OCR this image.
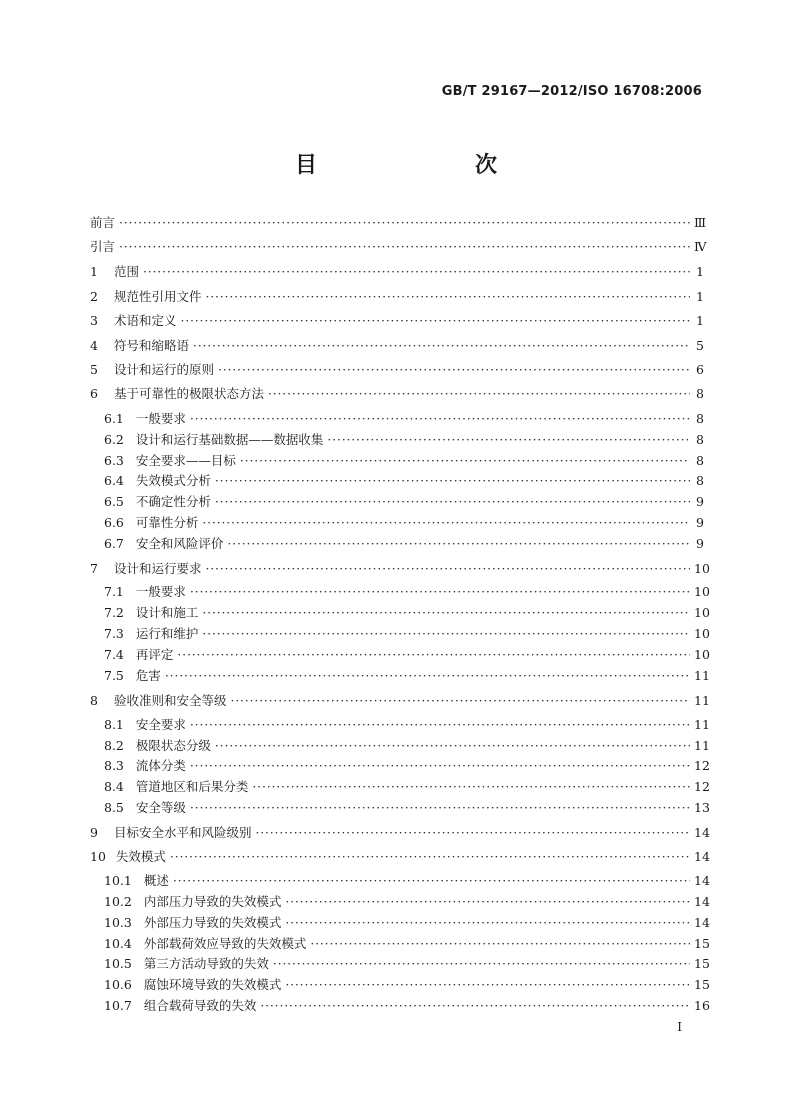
GB/T 29167—2012/ISO 16708:2006
目　　次
前言 ·····	Ⅲ
引言 ·····	Ⅳ
1 范围 ·····	1
2 规范性引用文件 ·····	1
3 术语和定义 ·····	1
4 符号和缩略语 ·····	5
5 设计和运行的原则 ·····	6
6 基于可靠性的极限状态方法 ·····	8
6.1 一般要求 ·····	8
6.2 设计和运行基础数据——数据收集 ·····	8
6.3 安全要求——目标 ·····	8
6.4 失效模式分析 ·····	8
6.5 不确定性分析 ·····	9
6.6 可靠性分析 ·····	9
6.7 安全和风险评价 ·····	9
7 设计和运行要求 ·····	10
7.1 一般要求 ·····	10
7.2 设计和施工 ·····	10
7.3 运行和维护 ·····	10
7.4 再评定 ·····	10
7.5 危害 ·····	11
8 验收准则和安全等级 ·····	11
8.1 安全要求 ·····	11
8.2 极限状态分级 ·····	11
8.3 流体分类 ·····	12
8.4 管道地区和后果分类 ·····	12
8.5 安全等级 ·····	13
9 目标安全水平和风险级别 ·····	14
10 失效模式 ·····	14
10.1 概述 ·····	14
10.2 内部压力导致的失效模式 ·····	14
10.3 外部压力导致的失效模式 ·····	14
10.4 外部载荷效应导致的失效模式 ·····	15
10.5 第三方活动导致的失效 ·····	15
10.6 腐蚀环境导致的失效模式 ·····	15
10.7 组合载荷导致的失效 ·····	16
I
